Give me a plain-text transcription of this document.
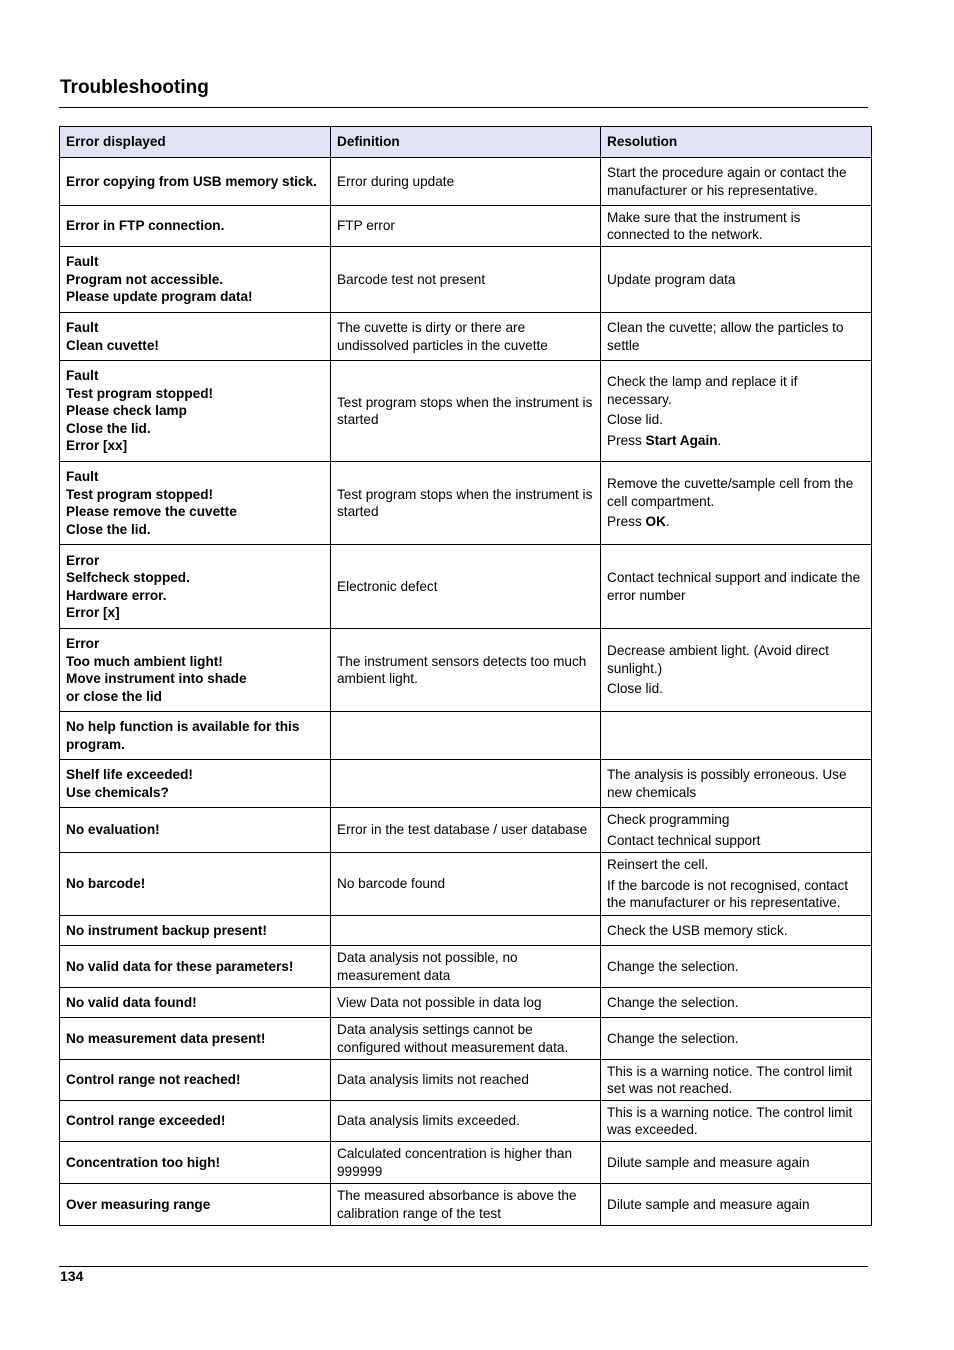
Troubleshooting
Error displayed	Definition	Resolution

Error copying from USB memory stick.	Error during update	Start the procedure again or contact the manufacturer or his representative.

Error in FTP connection.	FTP error	Make sure that the instrument is connected to the network.

Fault
Program not accessible.
Please update program data!	Barcode test not present	Update program data

Fault
Clean cuvette!	The cuvette is dirty or there are undissolved particles in the cuvette	Clean the cuvette; allow the particles to settle

Fault
Test program stopped!
Please check lamp
Close the lid.
Error [xx]	Test program stops when the instrument is started	Check the lamp and replace it if necessary.
Close lid.
Press Start Again.

Fault
Test program stopped!
Please remove the cuvette
Close the lid.	Test program stops when the instrument is started	Remove the cuvette/sample cell from the cell compartment.
Press OK.

Error
Selfcheck stopped.
Hardware error.
Error [x]	Electronic defect	Contact technical support and indicate the error number

Error
Too much ambient light!
Move instrument into shade
or close the lid	The instrument sensors detects too much ambient light.	Decrease ambient light. (Avoid direct sunlight.)
Close lid.

No help function is available for this program.		

Shelf life exceeded!
Use chemicals?		The analysis is possibly erroneous. Use new chemicals

No evaluation!	Error in the test database / user database	Check programming
Contact technical support

No barcode!	No barcode found	Reinsert the cell.
If the barcode is not recognised, contact the manufacturer or his representative.

No instrument backup present!		Check the USB memory stick.

No valid data for these parameters!	Data analysis not possible, no measurement data	Change the selection.

No valid data found!	View Data not possible in data log	Change the selection.

No measurement data present!	Data analysis settings cannot be configured without measurement data.	Change the selection.

Control range not reached!	Data analysis limits not reached	This is a warning notice. The control limit set was not reached.

Control range exceeded!	Data analysis limits exceeded.	This is a warning notice. The control limit was exceeded.

Concentration too high!	Calculated concentration is higher than 999999	Dilute sample and measure again

Over measuring range	The measured absorbance is above the calibration range of the test	Dilute sample and measure again
134
